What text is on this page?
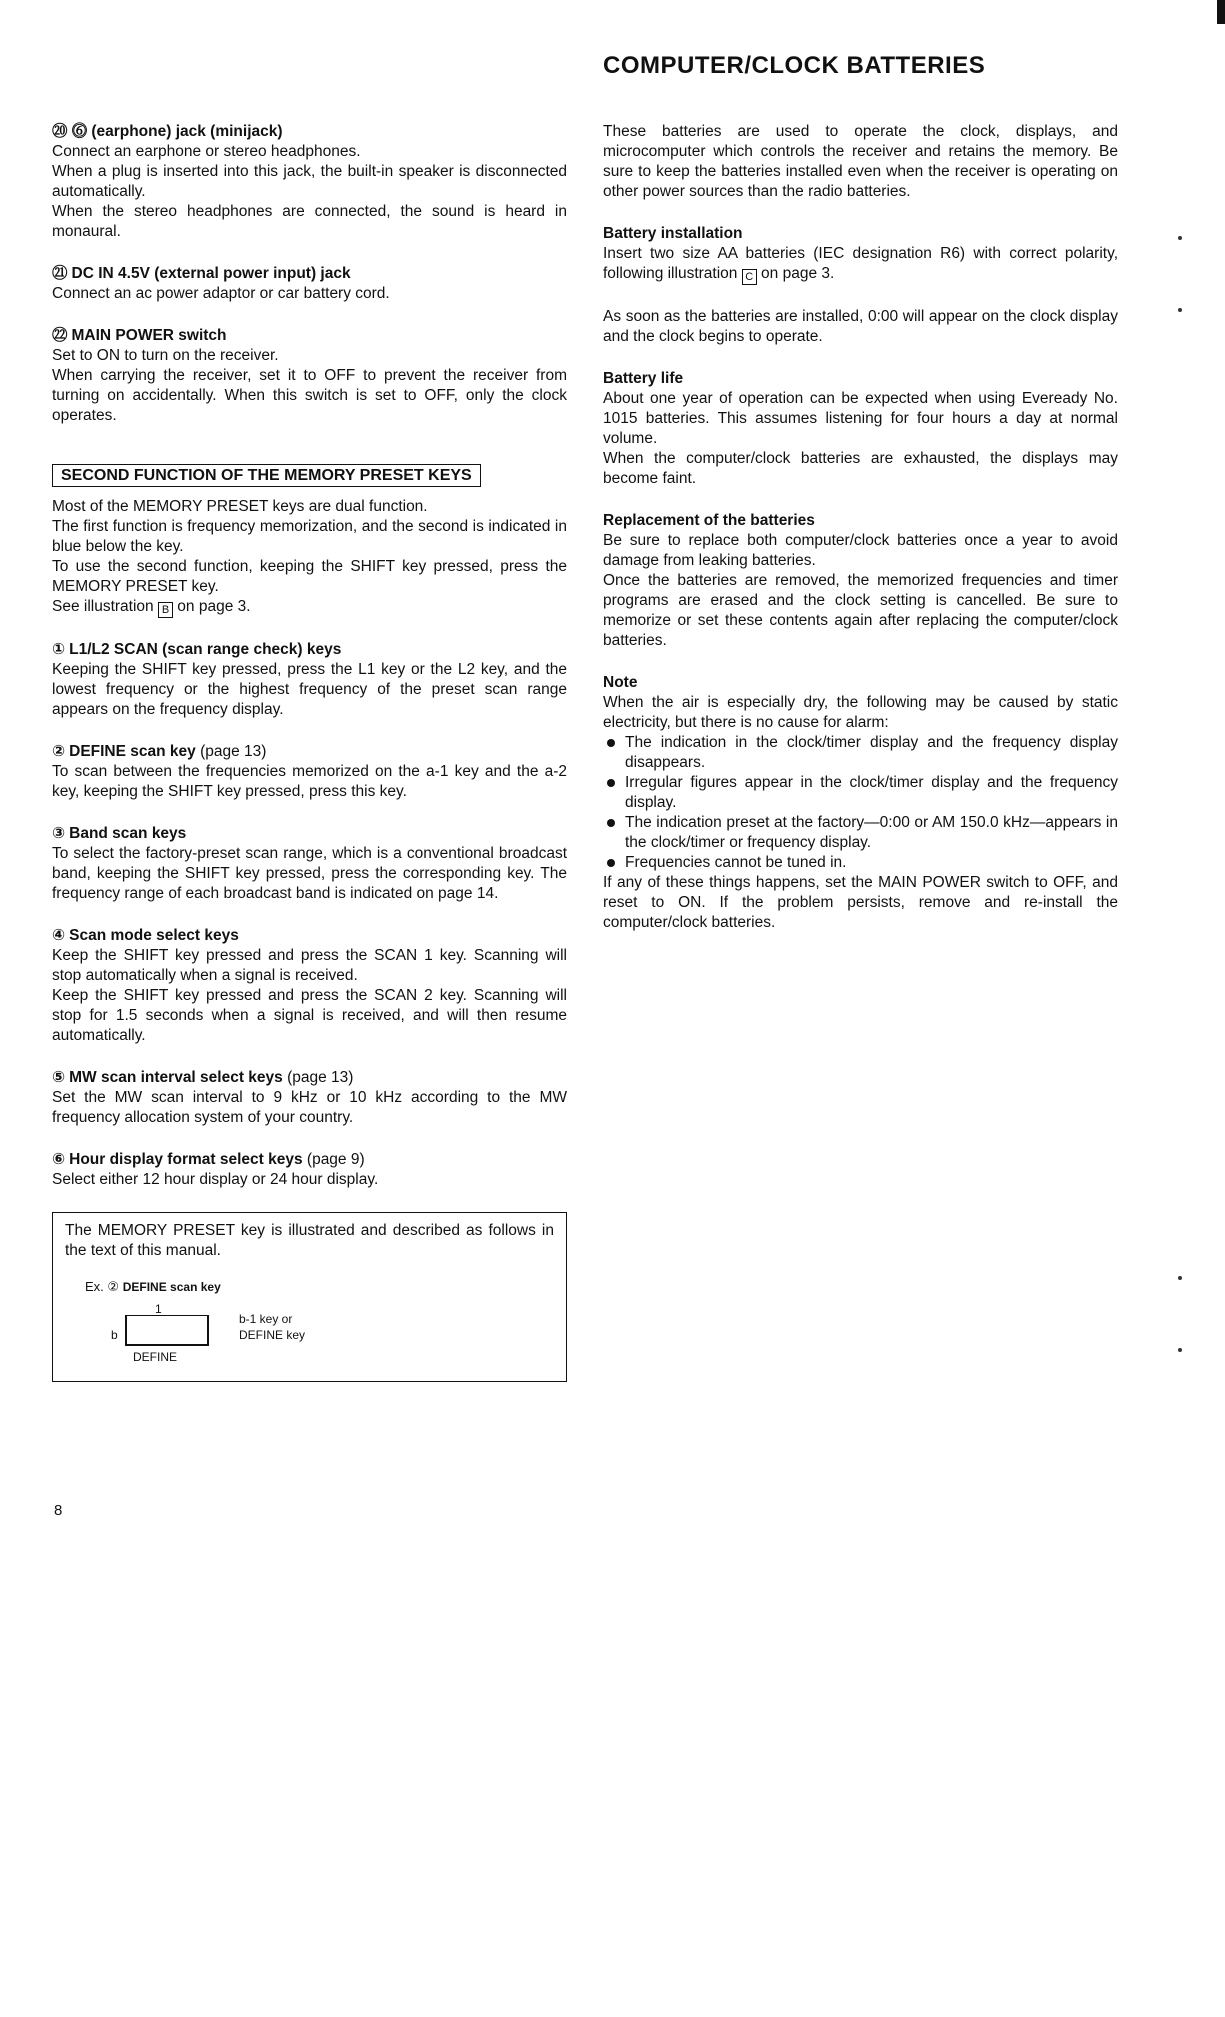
COMPUTER/CLOCK BATTERIES

⑳ ⓺ (earphone) jack (minijack)

Connect an earphone or stereo headphones.

When a plug is inserted into this jack, the built-in speaker is disconnected automatically.

When the stereo headphones are connected, the sound is heard in monaural.

㉑ DC IN 4.5V (external power input) jack

Connect an ac power adaptor or car battery cord.

㉒ MAIN POWER switch

Set to ON to turn on the receiver.

When carrying the receiver, set it to OFF to prevent the receiver from turning on accidentally. When this switch is set to OFF, only the clock operates.

SECOND FUNCTION OF THE MEMORY PRESET KEYS

Most of the MEMORY PRESET keys are dual function.

The first function is frequency memorization, and the second is indicated in blue below the key.

To use the second function, keeping the SHIFT key pressed, press the MEMORY PRESET key.

See illustration B on page 3.

① L1/L2 SCAN (scan range check) keys

Keeping the SHIFT key pressed, press the L1 key or the L2 key, and the lowest frequency or the highest frequency of the preset scan range appears on the frequency display.

② DEFINE scan key (page 13)

To scan between the frequencies memorized on the a-1 key and the a-2 key, keeping the SHIFT key pressed, press this key.

③ Band scan keys

To select the factory-preset scan range, which is a conventional broadcast band, keeping the SHIFT key pressed, press the corresponding key. The frequency range of each broadcast band is indicated on page 14.

④ Scan mode select keys

Keep the SHIFT key pressed and press the SCAN 1 key. Scanning will stop automatically when a signal is received.

Keep the SHIFT key pressed and press the SCAN 2 key. Scanning will stop for 1.5 seconds when a signal is received, and will then resume automatically.

⑤ MW scan interval select keys (page 13)

Set the MW scan interval to 9 kHz or 10 kHz according to the MW frequency allocation system of your country.

⑥ Hour display format select keys (page 9)

Select either 12 hour display or 24 hour display.

The MEMORY PRESET key is illustrated and described as follows in the text of this manual.

Ex. ② DEFINE scan key
1
b
DEFINE
b-1 key or
DEFINE key

These batteries are used to operate the clock, displays, and microcomputer which controls the receiver and retains the memory. Be sure to keep the batteries installed even when the receiver is operating on other power sources than the radio batteries.

Battery installation

Insert two size AA batteries (IEC designation R6) with correct polarity, following illustration C on page 3.

As soon as the batteries are installed, 0:00 will appear on the clock display and the clock begins to operate.

Battery life

About one year of operation can be expected when using Eveready No. 1015 batteries. This assumes listening for four hours a day at normal volume.

When the computer/clock batteries are exhausted, the displays may become faint.

Replacement of the batteries

Be sure to replace both computer/clock batteries once a year to avoid damage from leaking batteries.

Once the batteries are removed, the memorized frequencies and timer programs are erased and the clock setting is cancelled. Be sure to memorize or set these contents again after replacing the computer/clock batteries.

Note

When the air is especially dry, the following may be caused by static electricity, but there is no cause for alarm:

The indication in the clock/timer display and the frequency display disappears.
Irregular figures appear in the clock/timer display and the frequency display.
The indication preset at the factory—0:00 or AM 150.0 kHz—appears in the clock/timer or frequency display.
Frequencies cannot be tuned in.

If any of these things happens, set the MAIN POWER switch to OFF, and reset to ON. If the problem persists, remove and re-install the computer/clock batteries.

8
